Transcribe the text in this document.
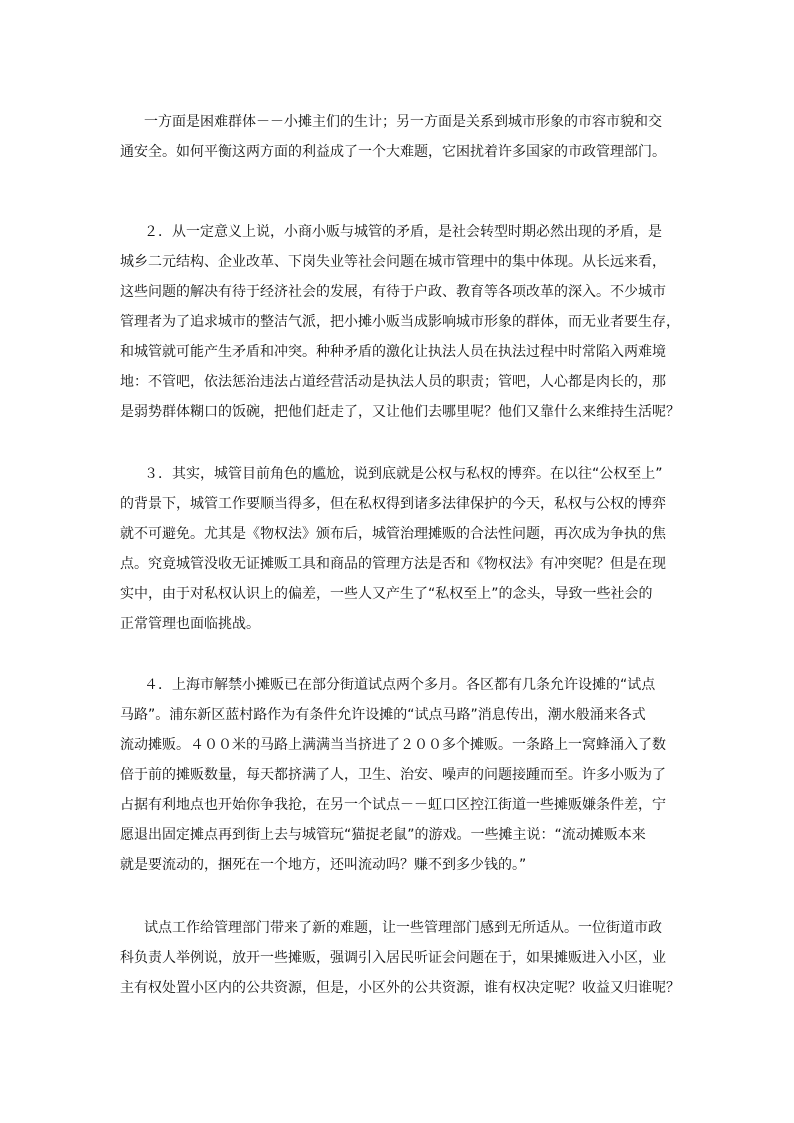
一方面是困难群体－－小摊主们的生计；另一方面是关系到城市形象的市容市貌和交
通安全。如何平衡这两方面的利益成了一个大难题，它困扰着许多国家的市政管理部门。

２．从一定意义上说，小商小贩与城管的矛盾，是社会转型时期必然出现的矛盾，是
城乡二元结构、企业改革、下岗失业等社会问题在城市管理中的集中体现。从长远来看，
这些问题的解决有待于经济社会的发展，有待于户政、教育等各项改革的深入。不少城市
管理者为了追求城市的整洁气派，把小摊小贩当成影响城市形象的群体，而无业者要生存，
和城管就可能产生矛盾和冲突。种种矛盾的激化让执法人员在执法过程中时常陷入两难境
地：不管吧，依法惩治违法占道经营活动是执法人员的职责；管吧，人心都是肉长的，那
是弱势群体糊口的饭碗，把他们赶走了，又让他们去哪里呢？他们又靠什么来维持生活呢？

３．其实，城管目前角色的尴尬，说到底就是公权与私权的博弈。在以往“公权至上”
的背景下，城管工作要顺当得多，但在私权得到诸多法律保护的今天，私权与公权的博弈
就不可避免。尤其是《物权法》颁布后，城管治理摊贩的合法性问题，再次成为争执的焦
点。究竟城管没收无证摊贩工具和商品的管理方法是否和《物权法》有冲突呢？但是在现
实中，由于对私权认识上的偏差，一些人又产生了“私权至上”的念头，导致一些社会的
正常管理也面临挑战。

４．上海市解禁小摊贩已在部分街道试点两个多月。各区都有几条允许设摊的“试点
马路”。浦东新区蓝村路作为有条件允许设摊的“试点马路”消息传出，潮水般涌来各式
流动摊贩。４００米的马路上满满当当挤进了２００多个摊贩。一条路上一窝蜂涌入了数
倍于前的摊贩数量，每天都挤满了人，卫生、治安、噪声的问题接踵而至。许多小贩为了
占据有利地点也开始你争我抢，在另一个试点－－虹口区控江街道一些摊贩嫌条件差，宁
愿退出固定摊点再到街上去与城管玩“猫捉老鼠”的游戏。一些摊主说：“流动摊贩本来
就是要流动的，捆死在一个地方，还叫流动吗？赚不到多少钱的。”

试点工作给管理部门带来了新的难题，让一些管理部门感到无所适从。一位街道市政
科负责人举例说，放开一些摊贩，强调引入居民听证会问题在于，如果摊贩进入小区，业
主有权处置小区内的公共资源，但是，小区外的公共资源，谁有权决定呢？收益又归谁呢？
